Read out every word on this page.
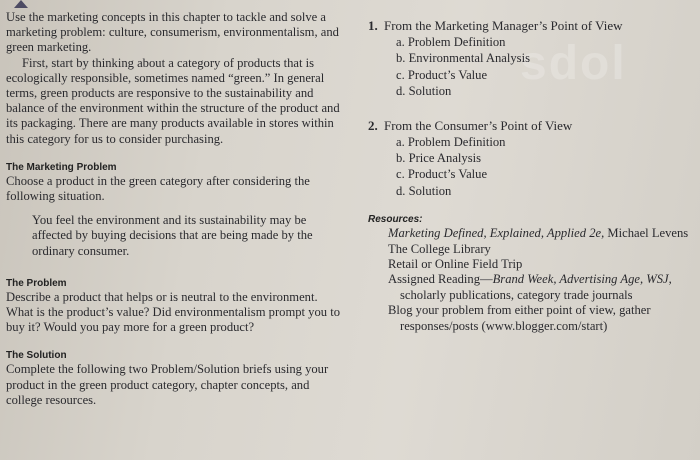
sdol

Use the marketing concepts in this chapter to tackle and solve a marketing problem: culture, consumerism, environmentalism, and green marketing.

First, start by thinking about a category of products that is ecologically responsible, sometimes named “green.” In general terms, green products are responsive to the sustainability and balance of the environment within the structure of the product and its packaging. There are many products available in stores within this category for us to consider purchasing.

The Marketing Problem

Choose a product in the green category after considering the following situation.

You feel the environment and its sustainability may be affected by buying decisions that are being made by the ordinary consumer.

The Problem

Describe a product that helps or is neutral to the environment. What is the product’s value? Did environmentalism prompt you to buy it? Would you pay more for a green product?

The Solution

Complete the following two Problem/Solution briefs using your product in the green product category, chapter concepts, and college resources.

1. From the Marketing Manager’s Point of View
a. Problem Definition
b. Environmental Analysis
c. Product’s Value
d. Solution
2. From the Consumer’s Point of View
a. Problem Definition
b. Price Analysis
c. Product’s Value
d. Solution

Resources:

Marketing Defined, Explained, Applied 2e, Michael Levens

The College Library

Retail or Online Field Trip

Assigned Reading—Brand Week, Advertising Age, WSJ,

scholarly publications, category trade journals

Blog your problem from either point of view, gather responses/posts (www.blogger.com/start)
